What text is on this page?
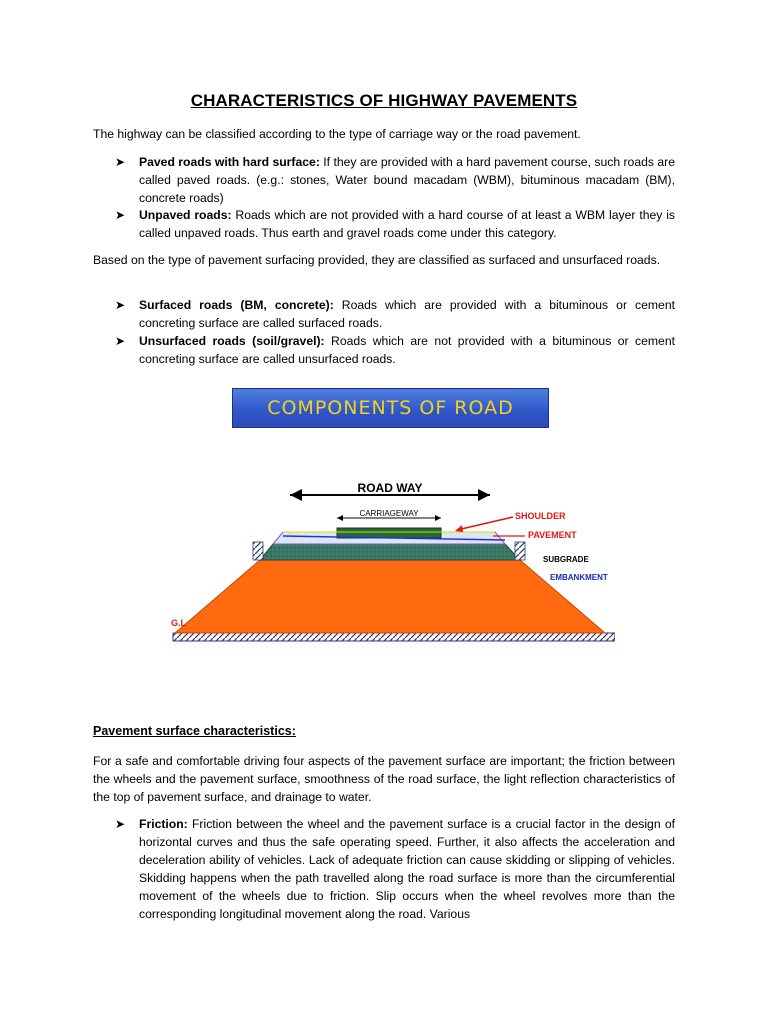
CHARACTERISTICS OF HIGHWAY PAVEMENTS
The highway can be classified according to the type of carriage way or the road pavement.
➤	Paved roads with hard surface: If they are provided with a hard pavement course, such roads are called paved roads. (e.g.: stones, Water bound macadam (WBM), bituminous macadam (BM), concrete roads)
➤	Unpaved roads: Roads which are not provided with a hard course of at least a WBM layer they is called unpaved roads. Thus earth and gravel roads come under this category.
Based on the type of pavement surfacing provided, they are classified as surfaced and unsurfaced roads.
➤	Surfaced roads (BM, concrete): Roads which are provided with a bituminous or cement concreting surface are called surfaced roads.
➤	Unsurfaced roads (soil/gravel): Roads which are not provided with a bituminous or cement concreting surface are called unsurfaced roads.
COMPONENTS OF ROAD
ROAD WAY
CARRIAGEWAY	SHOULDER
PAVEMENT
SUBGRADE
EMBANKMENT
G.L
Pavement surface characteristics:
For a safe and comfortable driving four aspects of the pavement surface are important; the friction between the wheels and the pavement surface, smoothness of the road surface, the light reflection characteristics of the top of pavement surface, and drainage to water.
➤	Friction: Friction between the wheel and the pavement surface is a crucial factor in the design of horizontal curves and thus the safe operating speed. Further, it also affects the acceleration and deceleration ability of vehicles. Lack of adequate friction can cause skidding or slipping of vehicles. Skidding happens when the path travelled along the road surface is more than the circumferential movement of the wheels due to friction. Slip occurs when the wheel revolves more than the corresponding longitudinal movement along the road. Various
